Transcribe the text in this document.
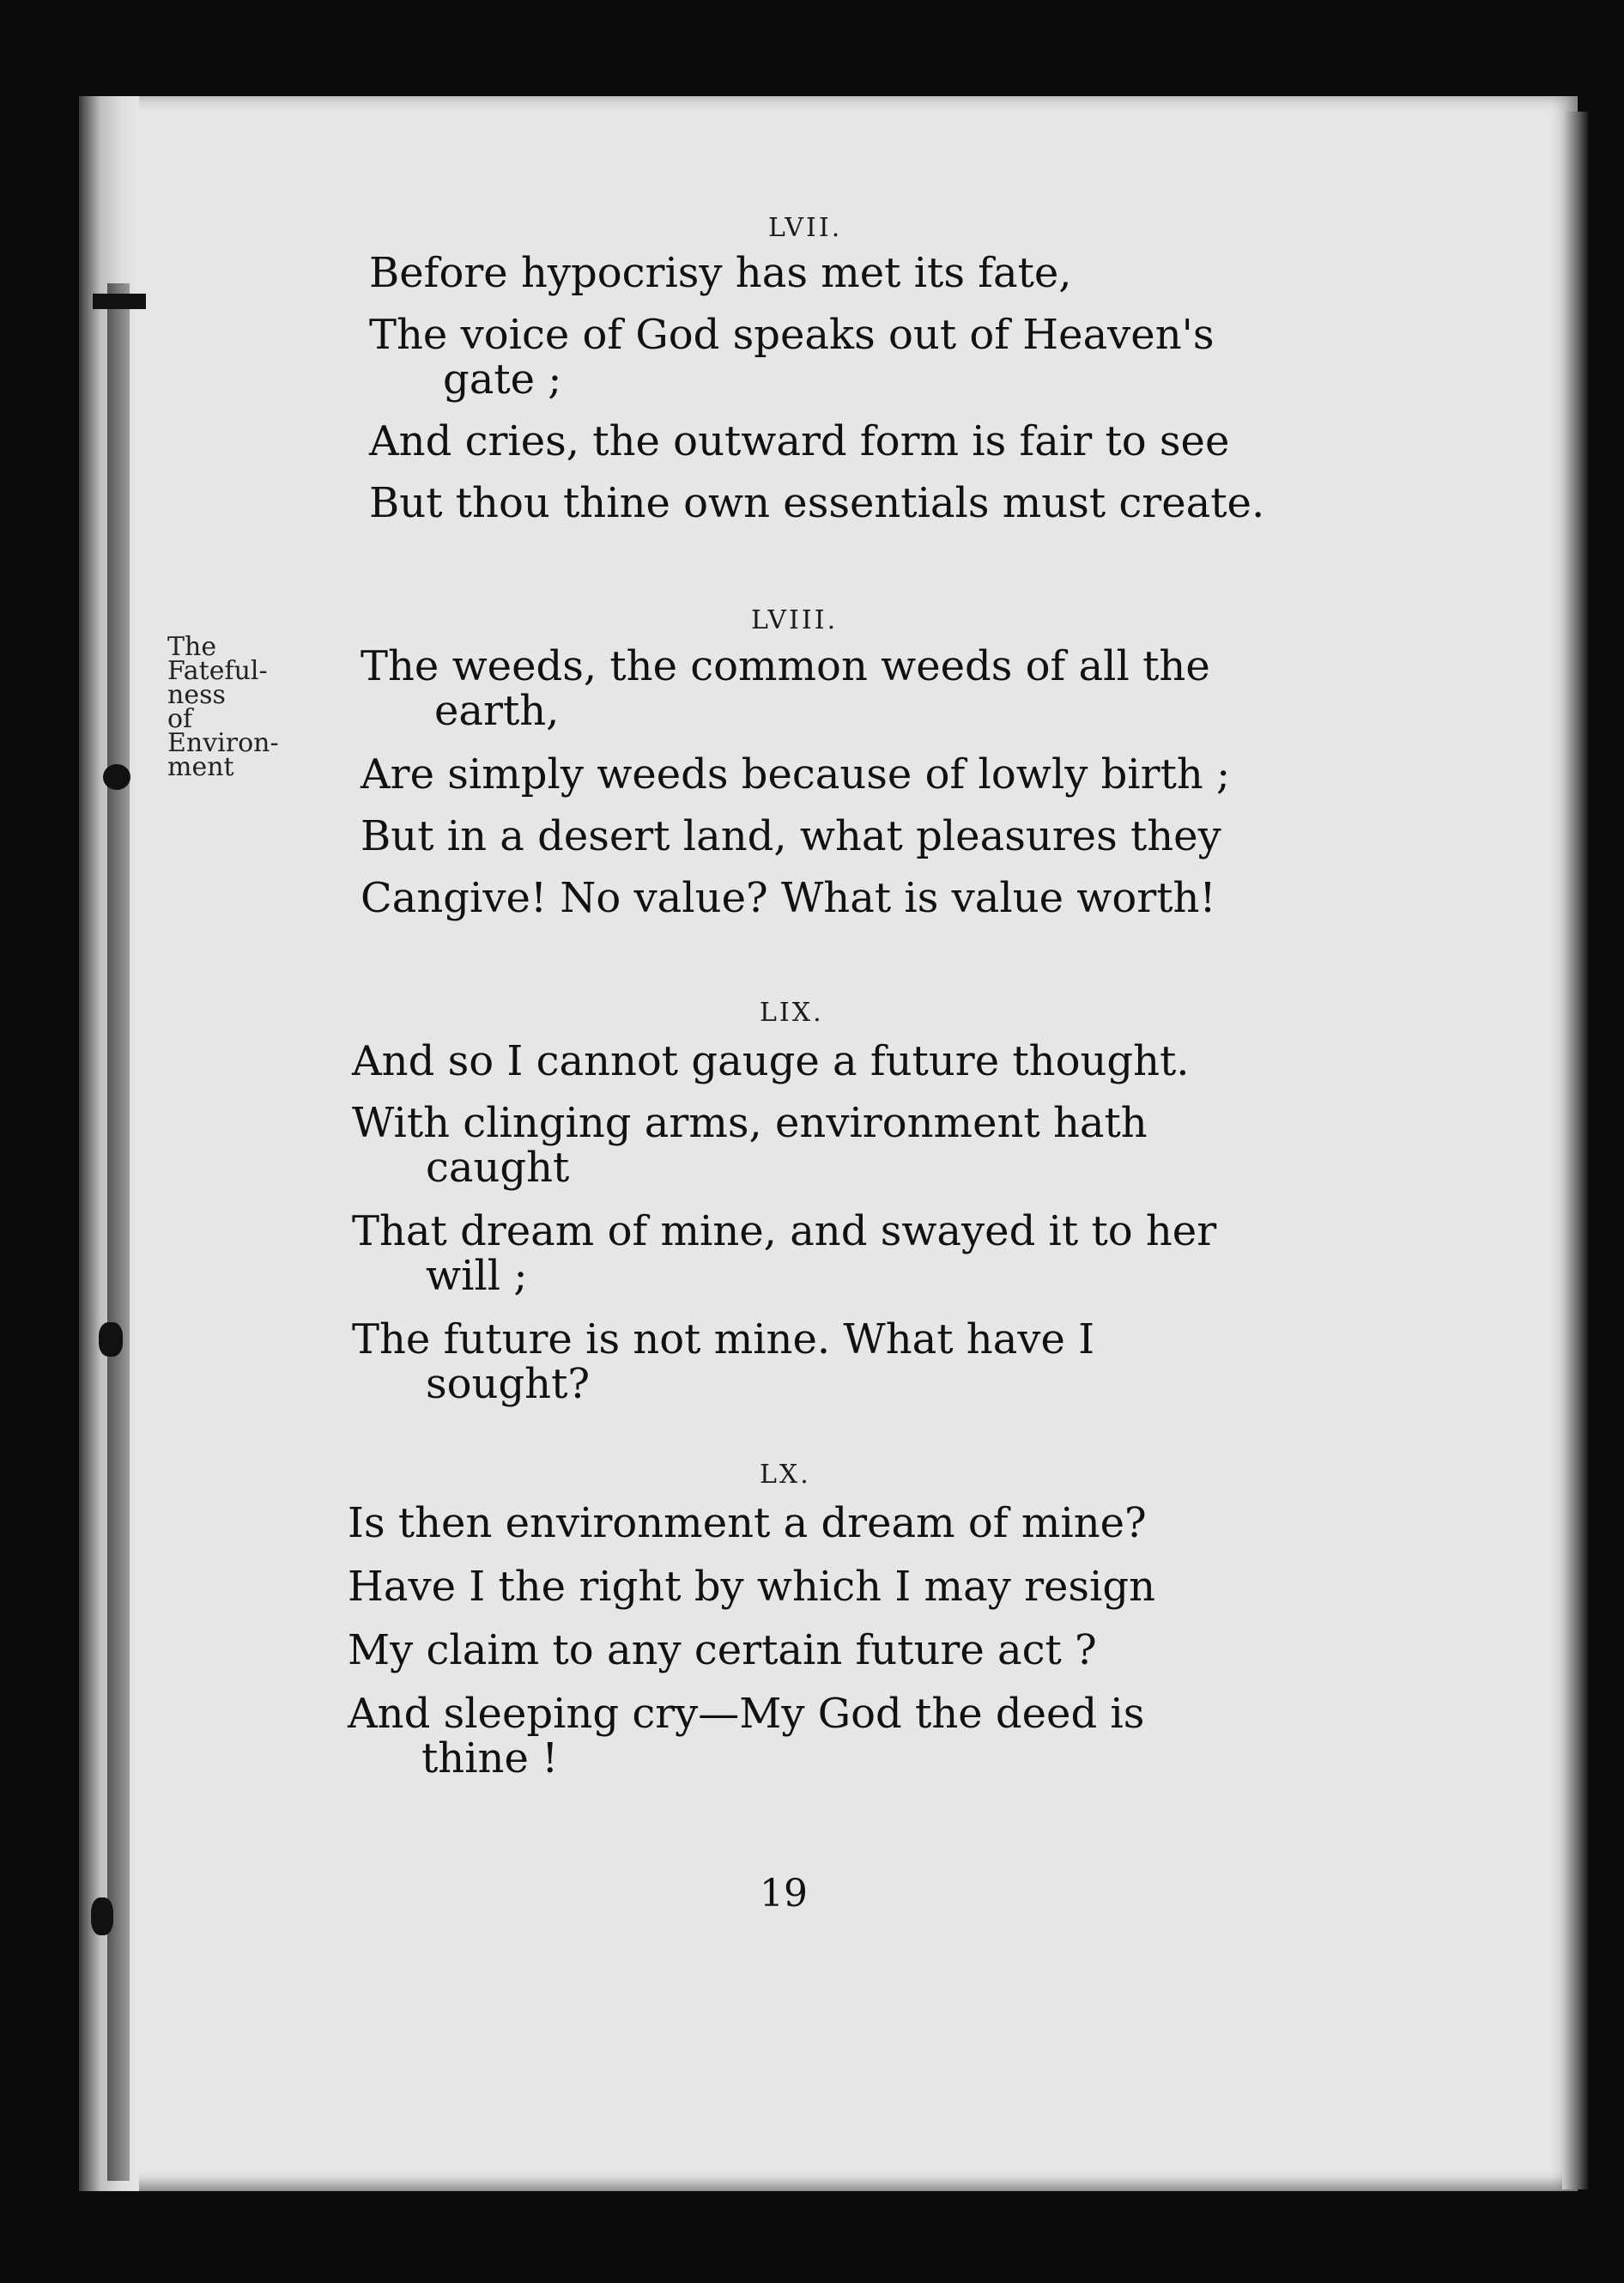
LVII.
Before hypocrisy has met its fate,
The voice of God speaks out of Heaven's
gate ;
And cries, the outward form is fair to see
But thou thine own essentials must create.
The
Fateful-
ness
of
Environ-
ment
LVIII.
The weeds, the common weeds of all the
earth,
Are simply weeds because of lowly birth ;
But in a desert land, what pleasures they
Cangive! No value? What is value worth!
LIX.
And so I cannot gauge a future thought.
With clinging arms, environment hath
caught
That dream of mine, and swayed it to her
will ;
The future is not mine. What have I
sought?
LX.
Is then environment a dream of mine?
Have I the right by which I may resign
My claim to any certain future act ?
And sleeping cry—My God the deed is
thine !
19
